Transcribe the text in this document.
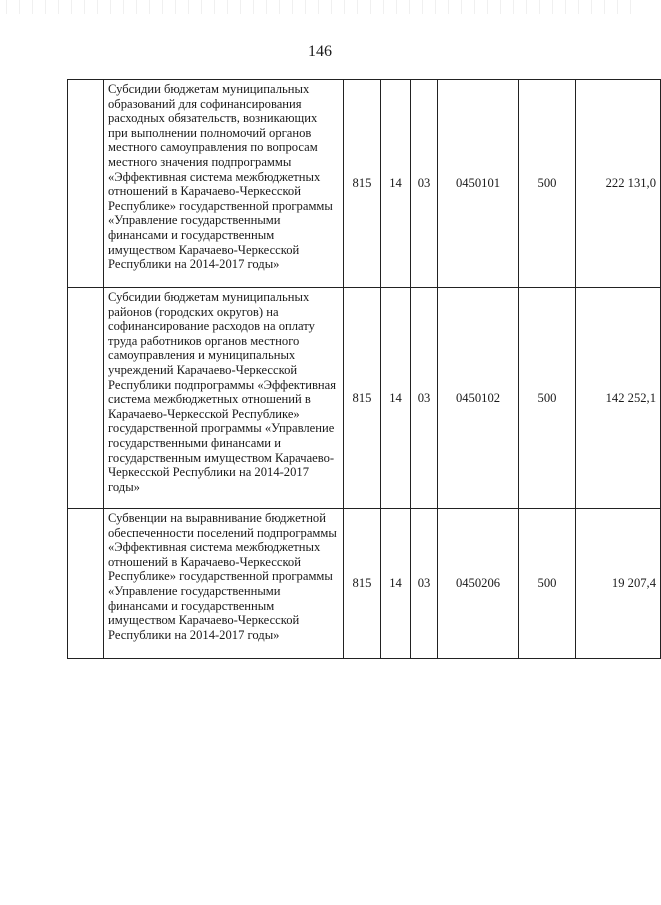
146
	Субсидии бюджетам муниципальных образований для софинансирования расходных обязательств, возникающих при выполнении полномочий органов местного самоуправления по вопросам местного значения подпрограммы «Эффективная система межбюджетных отношений в Карачаево-Черкесской Республике» государственной программы «Управление государственными финансами и государственным имуществом Карачаево-Черкесской Республики на 2014-2017 годы»	815	14	03	0450101	500	222 131,0
	Субсидии бюджетам муниципальных районов (городских округов) на софинансирование расходов на оплату труда работников органов местного самоуправления и муниципальных учреждений Карачаево-Черкесской Республики подпрограммы «Эффективная система межбюджетных отношений в Карачаево-Черкесской Республике» государственной программы «Управление государственными финансами и государственным имуществом Карачаево-Черкесской Республики на 2014-2017 годы»	815	14	03	0450102	500	142 252,1
	Субвенции на выравнивание бюджетной обеспеченности поселений подпрограммы «Эффективная система межбюджетных отношений в Карачаево-Черкесской Республике» государственной программы «Управление государственными финансами и государственным имуществом Карачаево-Черкесской Республики на 2014-2017 годы»	815	14	03	0450206	500	19 207,4
